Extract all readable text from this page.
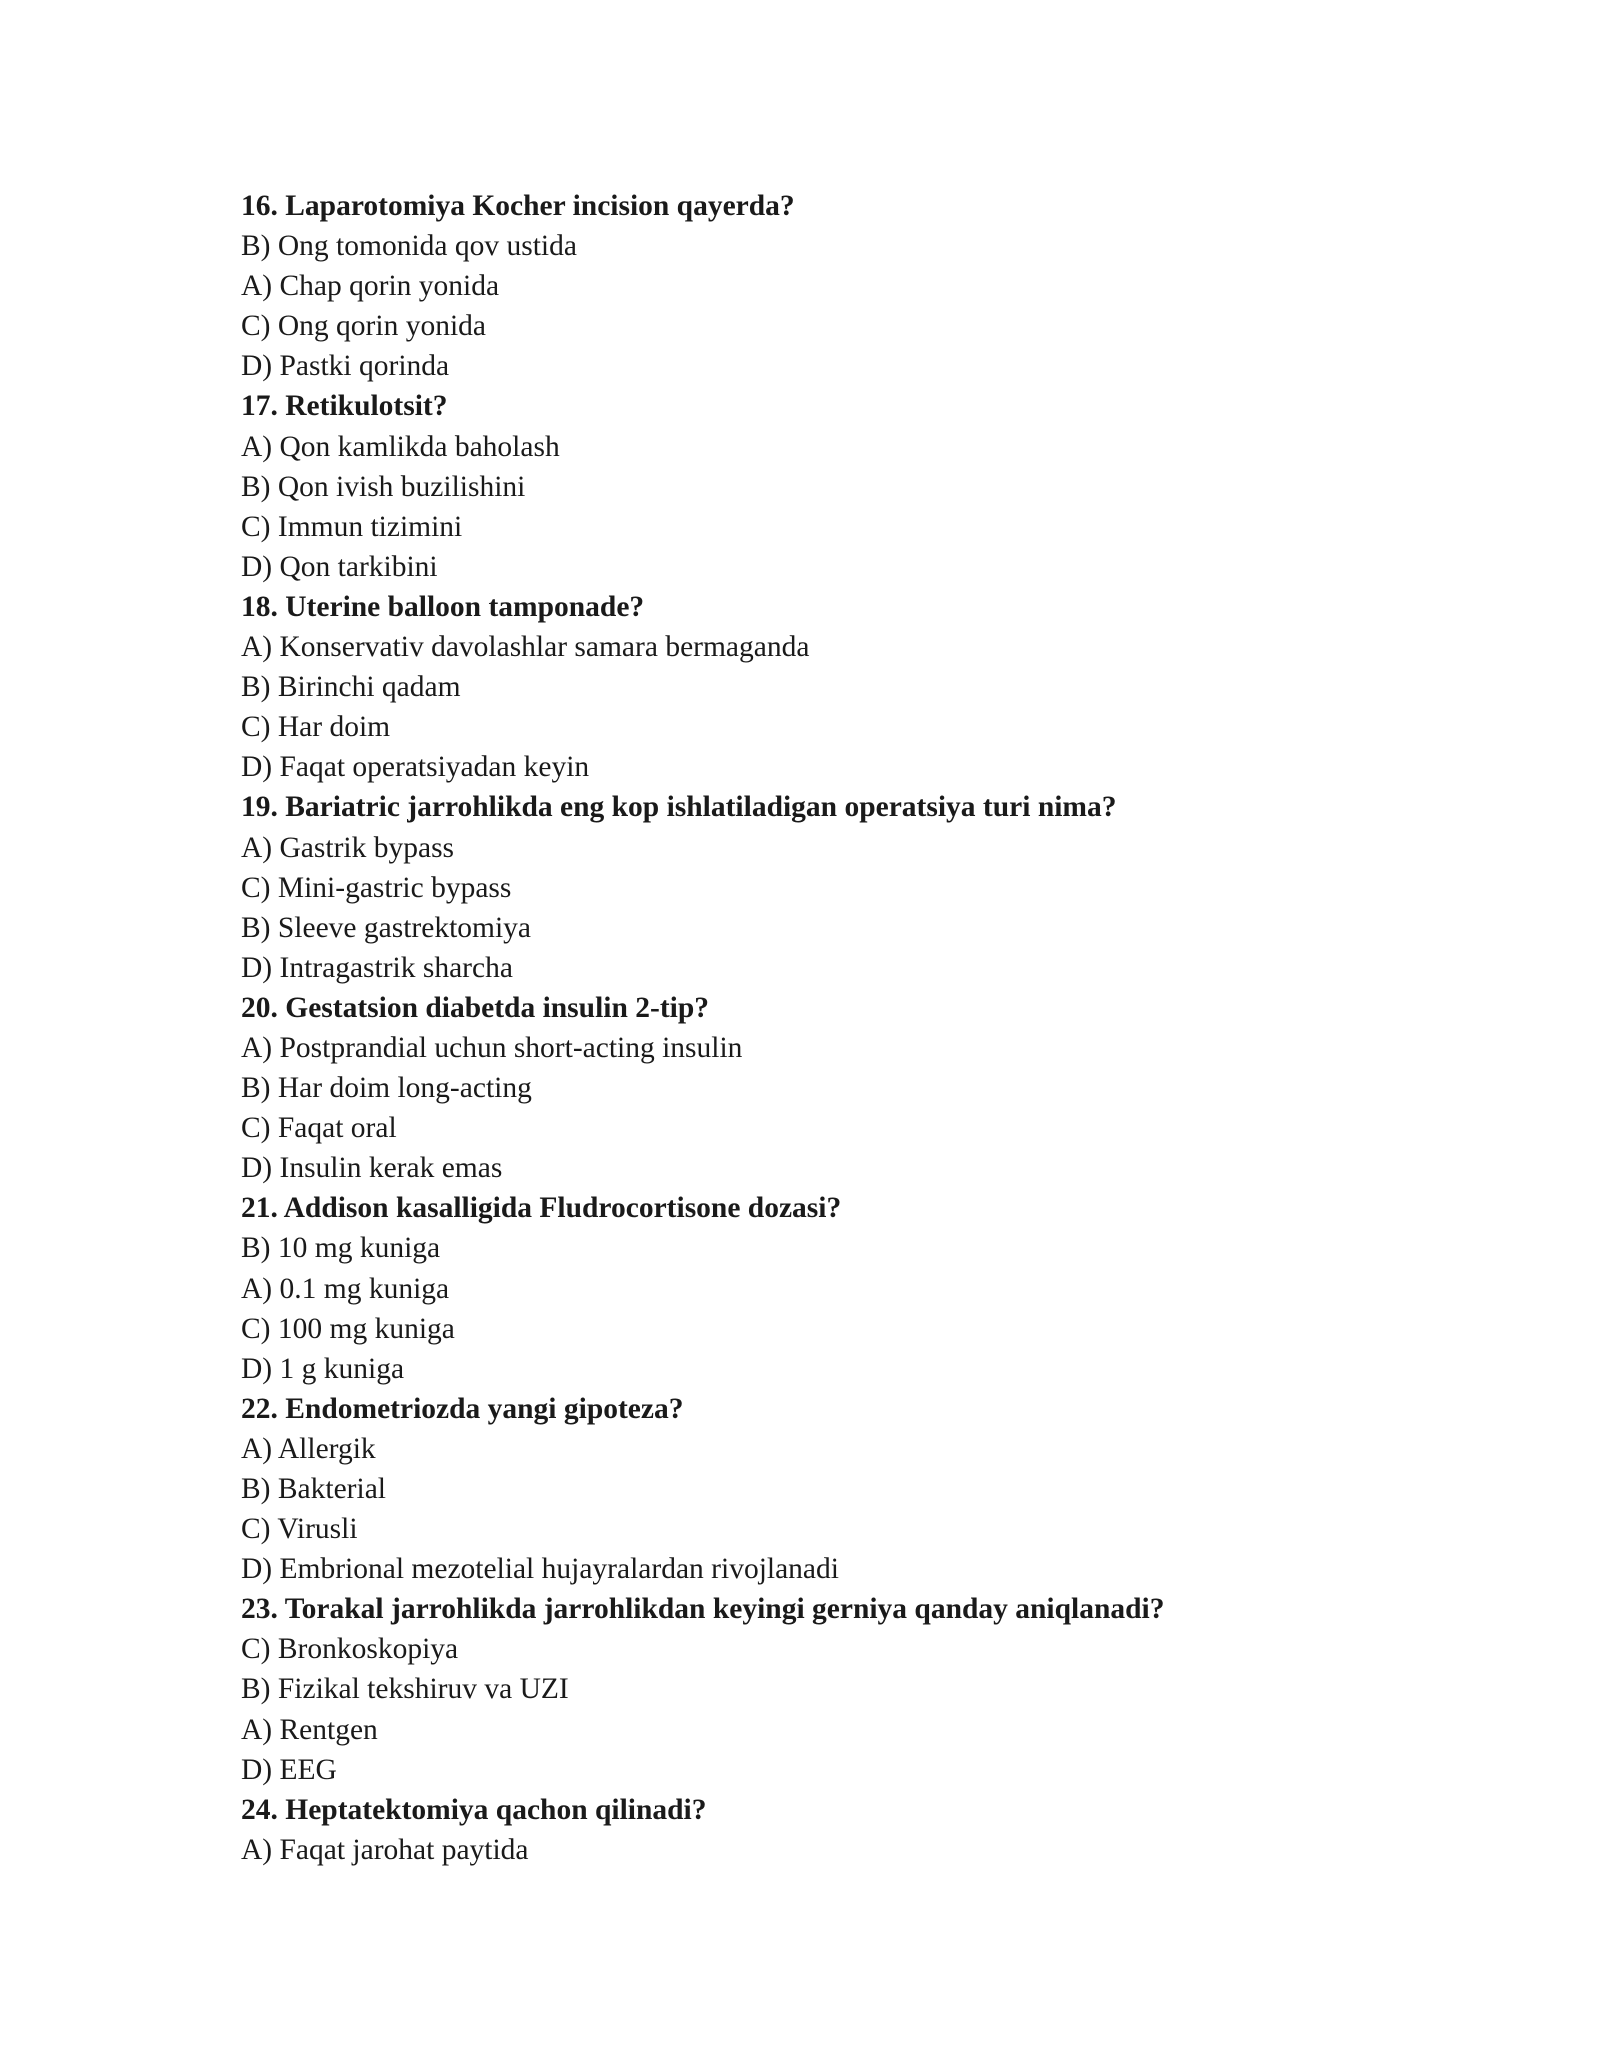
16. Laparotomiya Kocher incision qayerda?
B) Ong tomonida qov ustida
A) Chap qorin yonida
C) Ong qorin yonida
D) Pastki qorinda
17. Retikulotsit?
A) Qon kamlikda baholash
B) Qon ivish buzilishini
C) Immun tizimini
D) Qon tarkibini
18. Uterine balloon tamponade?
A) Konservativ davolashlar samara bermaganda
B) Birinchi qadam
C) Har doim
D) Faqat operatsiyadan keyin
19. Bariatric jarrohlikda eng kop ishlatiladigan operatsiya turi nima?
A) Gastrik bypass
C) Mini-gastric bypass
B) Sleeve gastrektomiya
D) Intragastrik sharcha
20. Gestatsion diabetda insulin 2-tip?
A) Postprandial uchun short-acting insulin
B) Har doim long-acting
C) Faqat oral
D) Insulin kerak emas
21. Addison kasalligida Fludrocortisone dozasi?
B) 10 mg kuniga
A) 0.1 mg kuniga
C) 100 mg kuniga
D) 1 g kuniga
22. Endometriozda yangi gipoteza?
A) Allergik
B) Bakterial
C) Virusli
D) Embrional mezotelial hujayralardan rivojlanadi
23. Torakal jarrohlikda jarrohlikdan keyingi gerniya qanday aniqlanadi?
C) Bronkoskopiya
B) Fizikal tekshiruv va UZI
A) Rentgen
D) EEG
24. Heptatektomiya qachon qilinadi?
A) Faqat jarohat paytida
